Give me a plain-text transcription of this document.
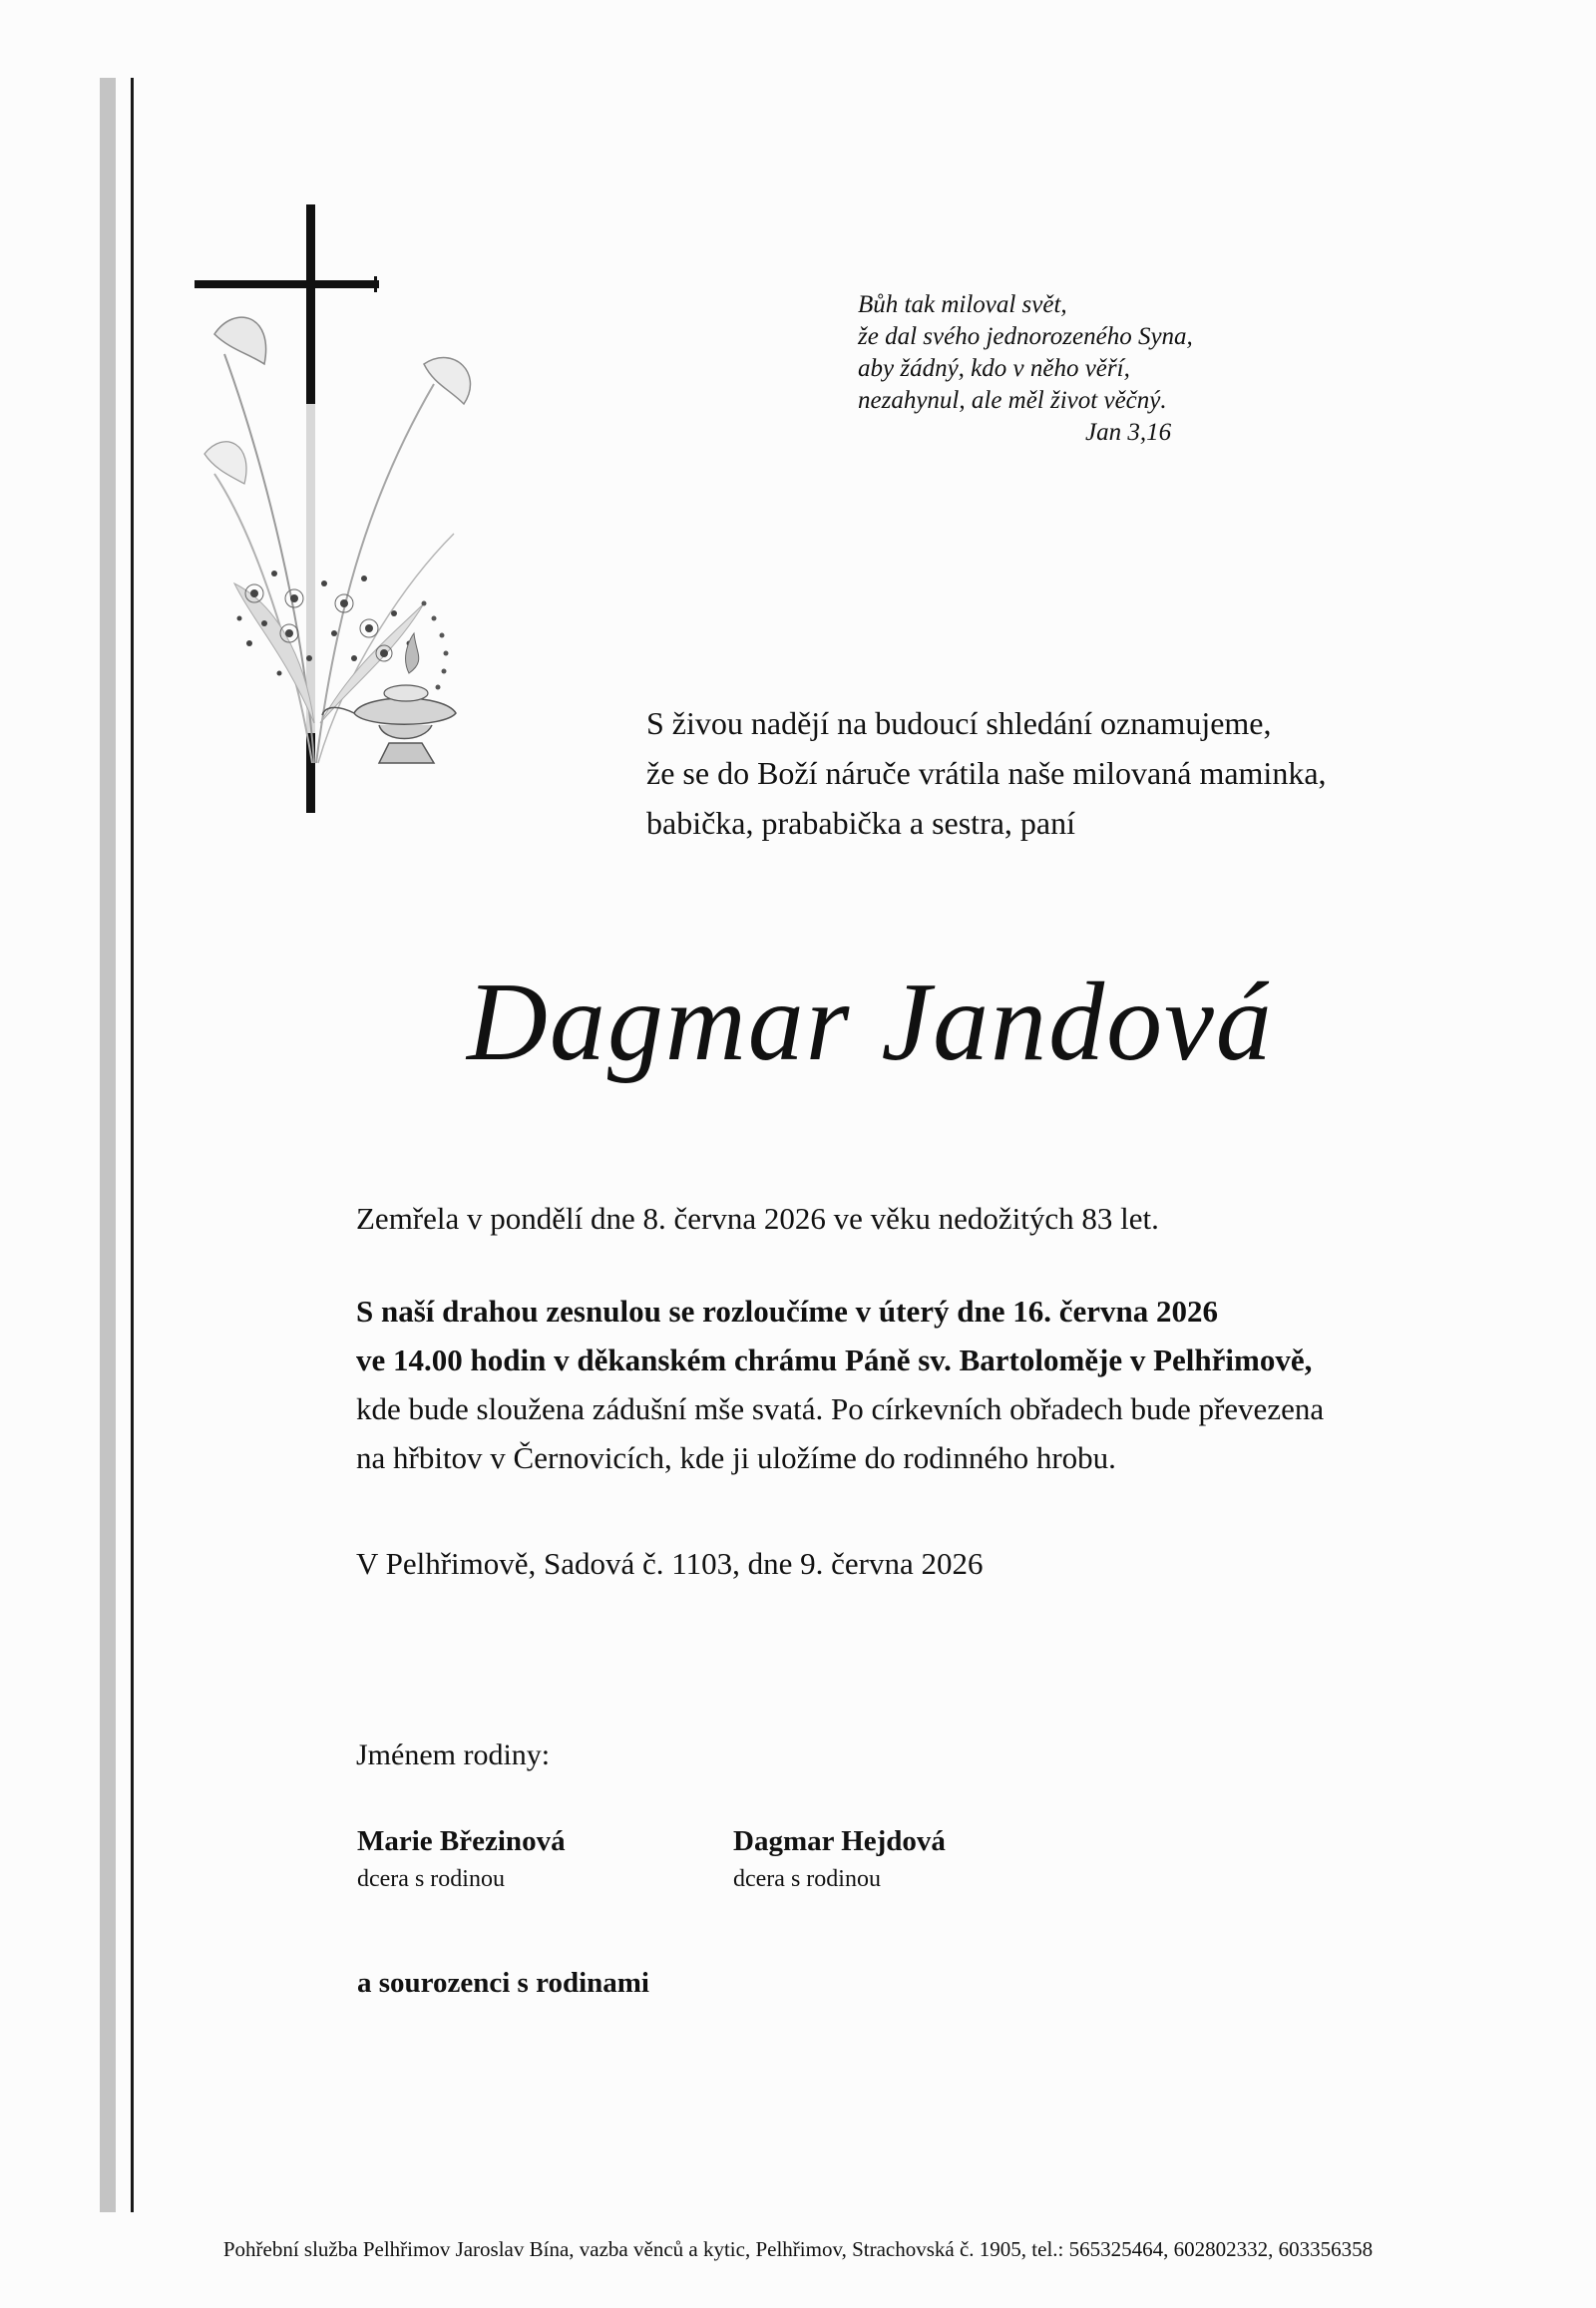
Bůh tak miloval svět,
že dal svého jednorozeného Syna,
aby žádný, kdo v něho věří,
nezahynul, ale měl život věčný.
Jan 3,16
S živou nadějí na budoucí shledání oznamujeme,
že se do Boží náruče vrátila naše milovaná maminka,
babička, prababička a sestra, paní
Dagmar Jandová
Zemřela v pondělí dne 8. června 2026 ve věku nedožitých 83 let.
S naší drahou zesnulou se rozloučíme v úterý dne 16. června 2026
ve 14.00 hodin v děkanském chrámu Páně sv. Bartoloměje v Pelhřimově,
kde bude sloužena zádušní mše svatá. Po církevních obřadech bude převezena
na hřbitov v Černovicích, kde ji uložíme do rodinného hrobu.
V Pelhřimově, Sadová č. 1103, dne 9. června 2026
Jménem rodiny:
Marie Březinová
dcera s rodinou
Dagmar Hejdová
dcera s rodinou
a sourozenci s rodinami
Pohřební služba Pelhřimov Jaroslav Bína, vazba věnců a kytic, Pelhřimov, Strachovská č. 1905, tel.: 565325464, 602802332, 603356358
